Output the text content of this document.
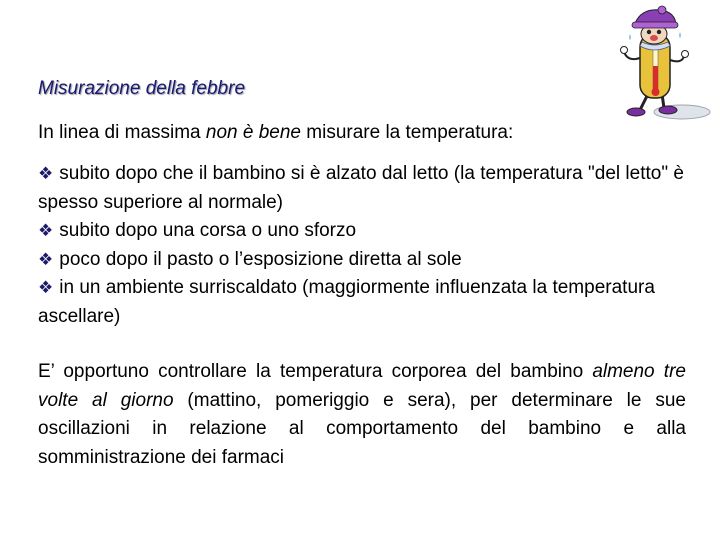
Misurazione della febbre
In linea di massima non è bene misurare la temperatura:
❖ subito dopo che il bambino si è alzato dal letto (la temperatura "del letto" è spesso superiore al normale)
❖ subito dopo una corsa o uno sforzo
❖ poco dopo il pasto o l’esposizione diretta al sole
❖ in un ambiente surriscaldato (maggiormente influenzata la temperatura ascellare)

E’ opportuno controllare la temperatura corporea del bambino almeno tre volte al giorno (mattino, pomeriggio e sera), per determinare le sue oscillazioni in relazione al comportamento del bambino e alla somministrazione dei farmaci
